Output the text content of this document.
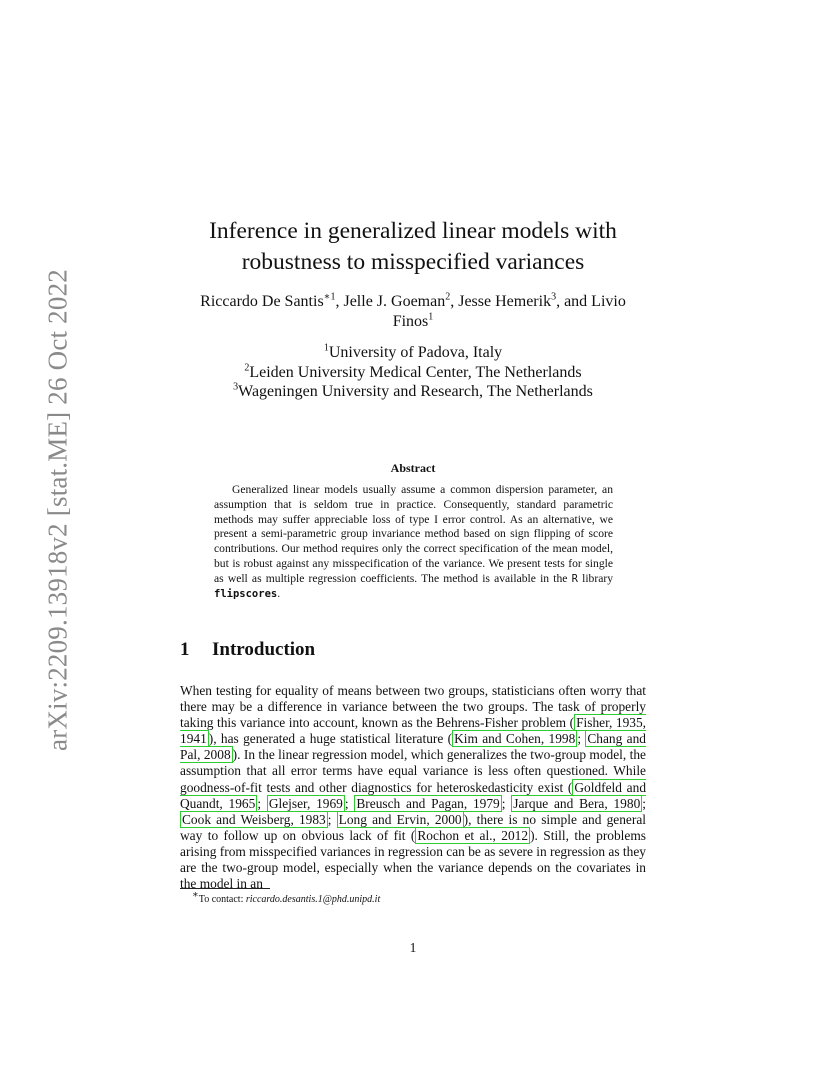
arXiv:2209.13918v2 [stat.ME] 26 Oct 2022
Inference in generalized linear models with
robustness to misspecified variances
Riccardo De Santis$^{∗1}$, Jelle J. Goeman$^2$, Jesse Hemerik$^3$, and Livio
Finos$^1$
$^1$University of Padova, Italy
$^2$Leiden University Medical Center, The Netherlands
$^3$Wageningen University and Research, The Netherlands
Abstract
Generalized linear models usually assume a common dispersion parameter, an assumption that is seldom true in practice. Consequently, standard parametric methods may suffer appreciable loss of type I error control. As an alternative, we present a semi-parametric group invariance method based on sign flipping of score contributions. Our method requires only the correct specification of the mean model, but is robust against any misspecification of the variance. We present tests for single as well as multiple regression coefficients. The method is available in the R library flipscores.
1 Introduction
When testing for equality of means between two groups, statisticians often worry that there may be a difference in variance between the two groups. The task of properly taking this variance into account, known as the Behrens-Fisher problem ( Fisher, 1935, 1941 ), has generated a huge statistical literature ( Kim and Cohen, 1998 ; Chang and Pal, 2008 ). In the linear regression model, which generalizes the two-group model, the assumption that all error terms have equal variance is less often questioned. While goodness-of-fit tests and other diagnostics for heteroskedasticity exist ( Goldfeld and Quandt, 1965 ; Glejser, 1969 ; Breusch and Pagan, 1979 ; Jarque and Bera, 1980 ; Cook and Weisberg, 1983 ; Long and Ervin, 2000 ), there is no simple and general way to follow up on obvious lack of fit ( Rochon et al., 2012 ). Still, the problems arising from misspecified variances in regression can be as severe in regression as they are the two-group model, especially when the variance depends on the covariates in the model in an
∗To contact: riccardo.desantis.1@phd.unipd.it
1
